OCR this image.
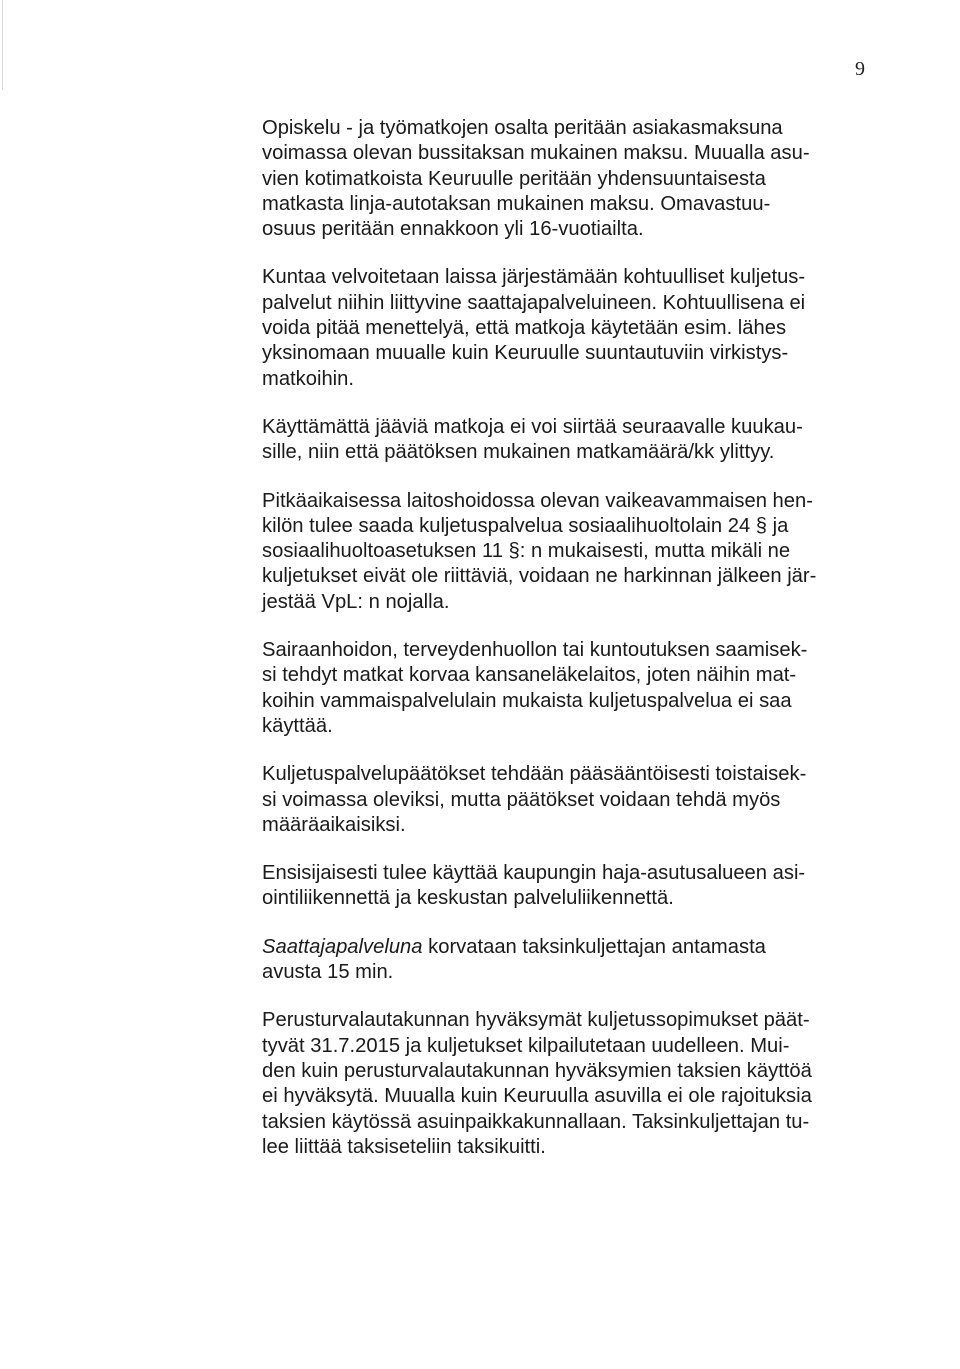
9

Opiskelu - ja työmatkojen osalta peritään asiakasmaksuna
voimassa olevan bussitaksan mukainen maksu. Muualla asu-
vien kotimatkoista Keuruulle peritään yhdensuuntaisesta
matkasta linja-autotaksan mukainen maksu. Omavastuu-
osuus peritään ennakkoon yli 16-vuotiailta.

Kuntaa velvoitetaan laissa järjestämään kohtuulliset kuljetus-
palvelut niihin liittyvine saattajapalveluineen. Kohtuullisena ei
voida pitää menettelyä, että matkoja käytetään esim. lähes
yksinomaan muualle kuin Keuruulle suuntautuviin virkistys-
matkoihin.

Käyttämättä jääviä matkoja ei voi siirtää seuraavalle kuukau-
sille, niin että päätöksen mukainen matkamäärä/kk ylittyy.

Pitkäaikaisessa laitoshoidossa olevan vaikeavammaisen hen-
kilön tulee saada kuljetuspalvelua sosiaalihuoltolain 24 § ja
sosiaalihuoltoasetuksen 11 §: n mukaisesti, mutta mikäli ne
kuljetukset eivät ole riittäviä, voidaan ne harkinnan jälkeen jär-
jestää VpL: n nojalla.

Sairaanhoidon, terveydenhuollon tai kuntoutuksen saamisek-
si tehdyt matkat korvaa kansaneläkelaitos, joten näihin mat-
koihin vammaispalvelulain mukaista kuljetuspalvelua ei saa
käyttää.

Kuljetuspalvelupäätökset tehdään pääsääntöisesti toistaisek-
si voimassa oleviksi, mutta päätökset voidaan tehdä myös
määräaikaisiksi.

Ensisijaisesti tulee käyttää kaupungin haja-asutusalueen asi-
ointiliikennettä ja keskustan palveluliikennettä.

Saattajapalveluna korvataan taksinkuljettajan antamasta
avusta 15 min.

Perusturvalautakunnan hyväksymät kuljetussopimukset päät-
tyvät 31.7.2015 ja kuljetukset kilpailutetaan uudelleen. Mui-
den kuin perusturvalautakunnan hyväksymien taksien käyttöä
ei hyväksytä. Muualla kuin Keuruulla asuvilla ei ole rajoituksia
taksien käytössä asuinpaikkakunnallaan. Taksinkuljettajan tu-
lee liittää taksiseteliin taksikuitti.
